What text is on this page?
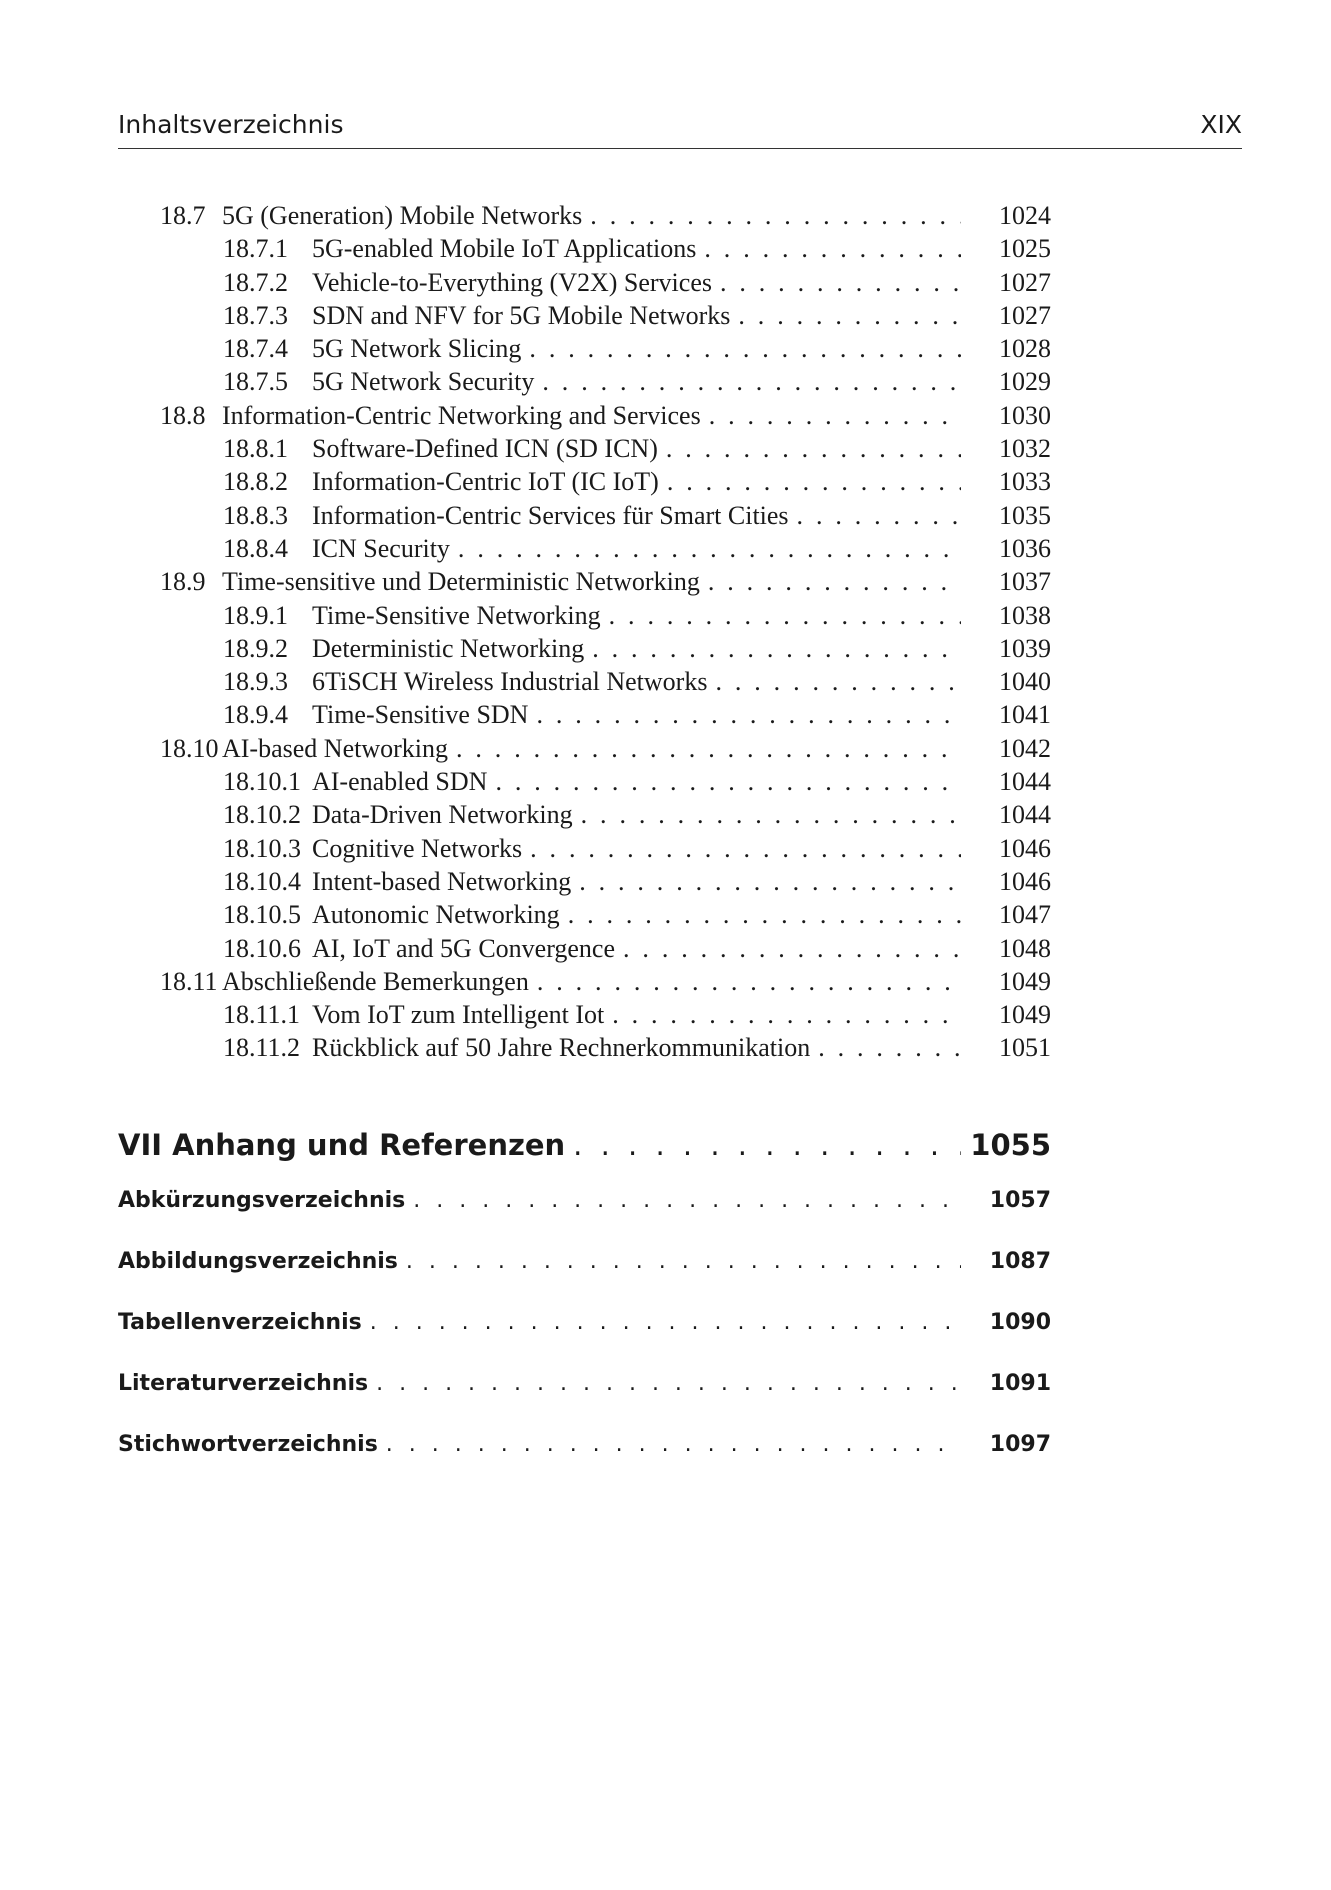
Inhaltsverzeichnis	XIX
18.7 5G (Generation) Mobile Networks . . .	1024
18.7.1 5G-enabled Mobile IoT Applications . . .	1025
18.7.2 Vehicle-to-Everything (V2X) Services . . .	1027
18.7.3 SDN and NFV for 5G Mobile Networks . . .	1027
18.7.4 5G Network Slicing . . .	1028
18.7.5 5G Network Security . . .	1029
18.8 Information-Centric Networking and Services . . .	1030
18.8.1 Software-Defined ICN (SD ICN) . . .	1032
18.8.2 Information-Centric IoT (IC IoT) . . .	1033
18.8.3 Information-Centric Services für Smart Cities . . .	1035
18.8.4 ICN Security . . .	1036
18.9 Time-sensitive und Deterministic Networking . . .	1037
18.9.1 Time-Sensitive Networking . . .	1038
18.9.2 Deterministic Networking . . .	1039
18.9.3 6TiSCH Wireless Industrial Networks . . .	1040
18.9.4 Time-Sensitive SDN . . .	1041
18.10 AI-based Networking . . .	1042
18.10.1 AI-enabled SDN . . .	1044
18.10.2 Data-Driven Networking . . .	1044
18.10.3 Cognitive Networks . . .	1046
18.10.4 Intent-based Networking . . .	1046
18.10.5 Autonomic Networking . . .	1047
18.10.6 AI, IoT and 5G Convergence . . .	1048
18.11 Abschließende Bemerkungen . . .	1049
18.11.1 Vom IoT zum Intelligent Iot . . .	1049
18.11.2 Rückblick auf 50 Jahre Rechnerkommunikation . . .	1051
VII Anhang und Referenzen . . .	1055
Abkürzungsverzeichnis . . .	1057
Abbildungsverzeichnis . . .	1087
Tabellenverzeichnis . . .	1090
Literaturverzeichnis . . .	1091
Stichwortverzeichnis . . .	1097
